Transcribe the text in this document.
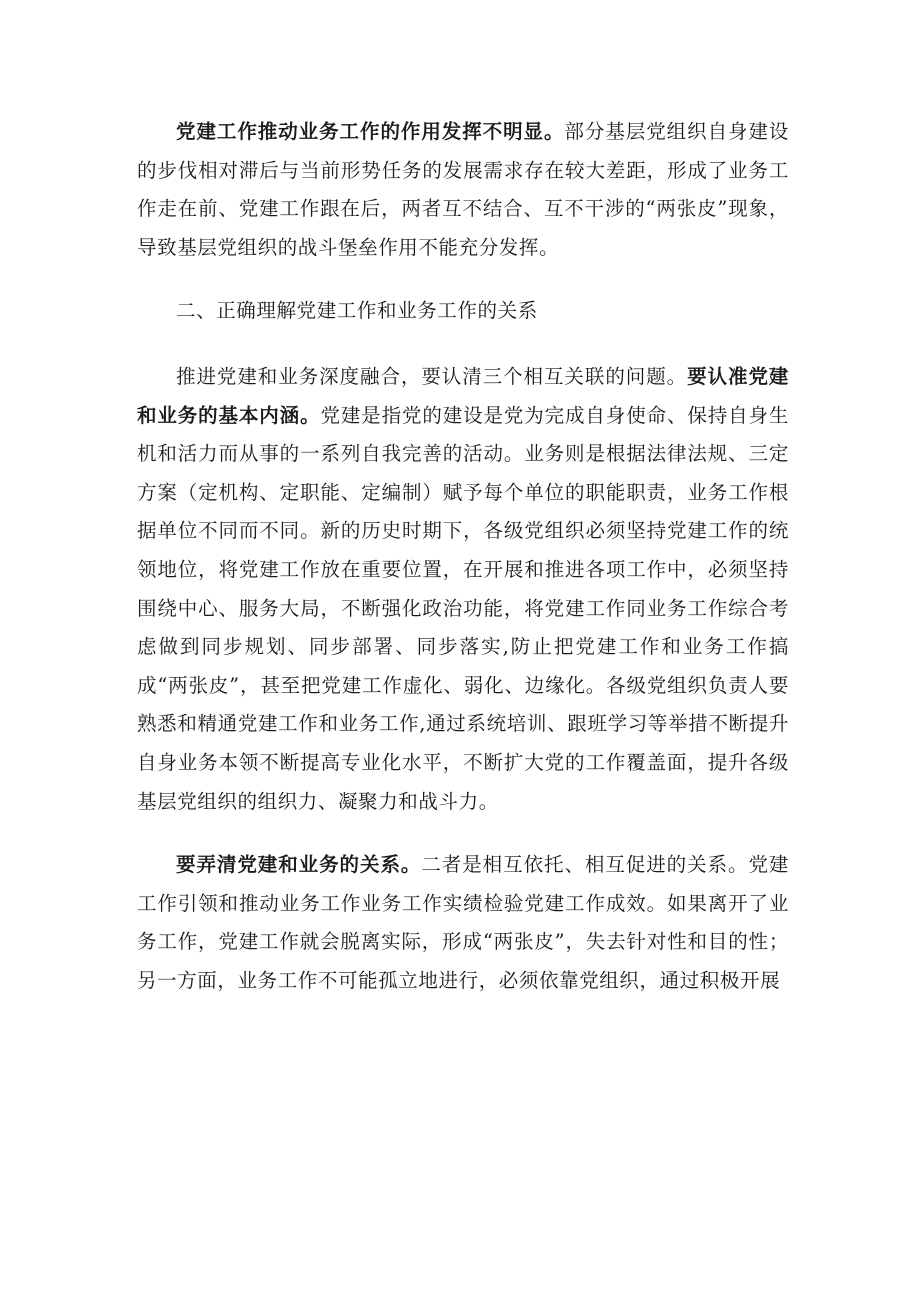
党建工作推动业务工作的作用发挥不明显。部分基层党组织自身建设的步伐相对滞后与当前形势任务的发展需求存在较大差距，形成了业务工作走在前、党建工作跟在后，两者互不结合、互不干涉的“两张皮”现象，导致基层党组织的战斗堡垒作用不能充分发挥。

二、正确理解党建工作和业务工作的关系

推进党建和业务深度融合，要认清三个相互关联的问题。要认准党建和业务的基本内涵。党建是指党的建设是党为完成自身使命、保持自身生机和活力而从事的一系列自我完善的活动。业务则是根据法律法规、三定方案（定机构、定职能、定编制）赋予每个单位的职能职责，业务工作根据单位不同而不同。新的历史时期下，各级党组织必须坚持党建工作的统领地位，将党建工作放在重要位置，在开展和推进各项工作中，必须坚持围绕中心、服务大局，不断强化政治功能，将党建工作同业务工作综合考虑做到同步规划、同步部署、同步落实,防止把党建工作和业务工作搞成“两张皮”，甚至把党建工作虚化、弱化、边缘化。各级党组织负责人要熟悉和精通党建工作和业务工作,通过系统培训、跟班学习等举措不断提升自身业务本领不断提高专业化水平，不断扩大党的工作覆盖面，提升各级基层党组织的组织力、凝聚力和战斗力。

要弄清党建和业务的关系。二者是相互依托、相互促进的关系。党建工作引领和推动业务工作业务工作实绩检验党建工作成效。如果离开了业务工作，党建工作就会脱离实际，形成“两张皮”，失去针对性和目的性；另一方面，业务工作不可能孤立地进行，必须依靠党组织，通过积极开展
